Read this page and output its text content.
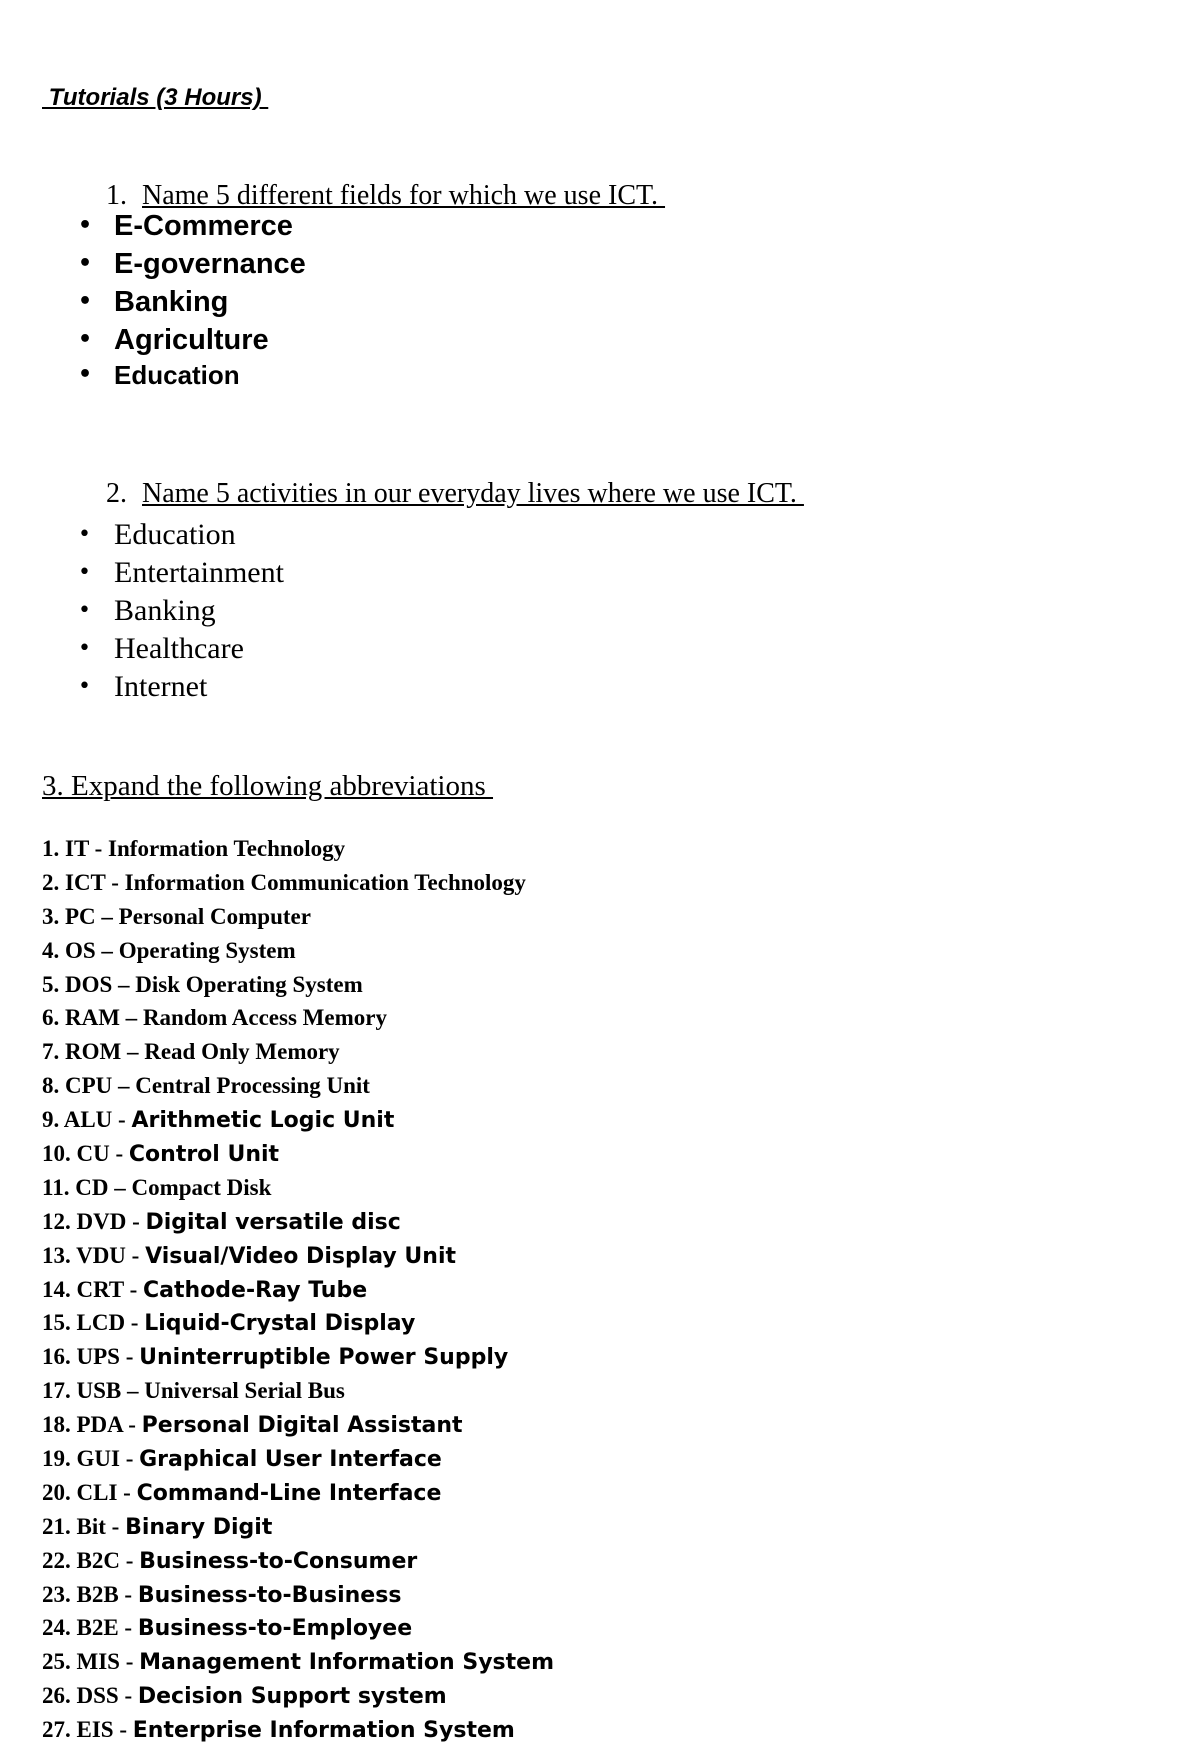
Tutorials (3 Hours)

1. Name 5 different fields for which we use ICT.

• E-Commerce
• E-governance
• Banking
• Agriculture
• Education

2. Name 5 activities in our everyday lives where we use ICT.

• Education
• Entertainment
• Banking
• Healthcare
• Internet
3. Expand the following abbreviations
1. IT - Information Technology
2. ICT - Information Communication Technology
3. PC – Personal Computer
4. OS – Operating System
5. DOS – Disk Operating System
6. RAM – Random Access Memory
7. ROM – Read Only Memory
8. CPU – Central Processing Unit
9. ALU - Arithmetic Logic Unit
10. CU - Control Unit
11. CD – Compact Disk
12. DVD - Digital versatile disc
13. VDU - Visual/Video Display Unit
14. CRT - Cathode-Ray Tube
15. LCD - Liquid-Crystal Display
16. UPS - Uninterruptible Power Supply
17. USB – Universal Serial Bus
18. PDA - Personal Digital Assistant
19. GUI - Graphical User Interface
20. CLI - Command-Line Interface
21. Bit - Binary Digit
22. B2C - Business-to-Consumer
23. B2B - Business-to-Business
24. B2E - Business-to-Employee
25. MIS - Management Information System
26. DSS - Decision Support system
27. EIS - Enterprise Information System
